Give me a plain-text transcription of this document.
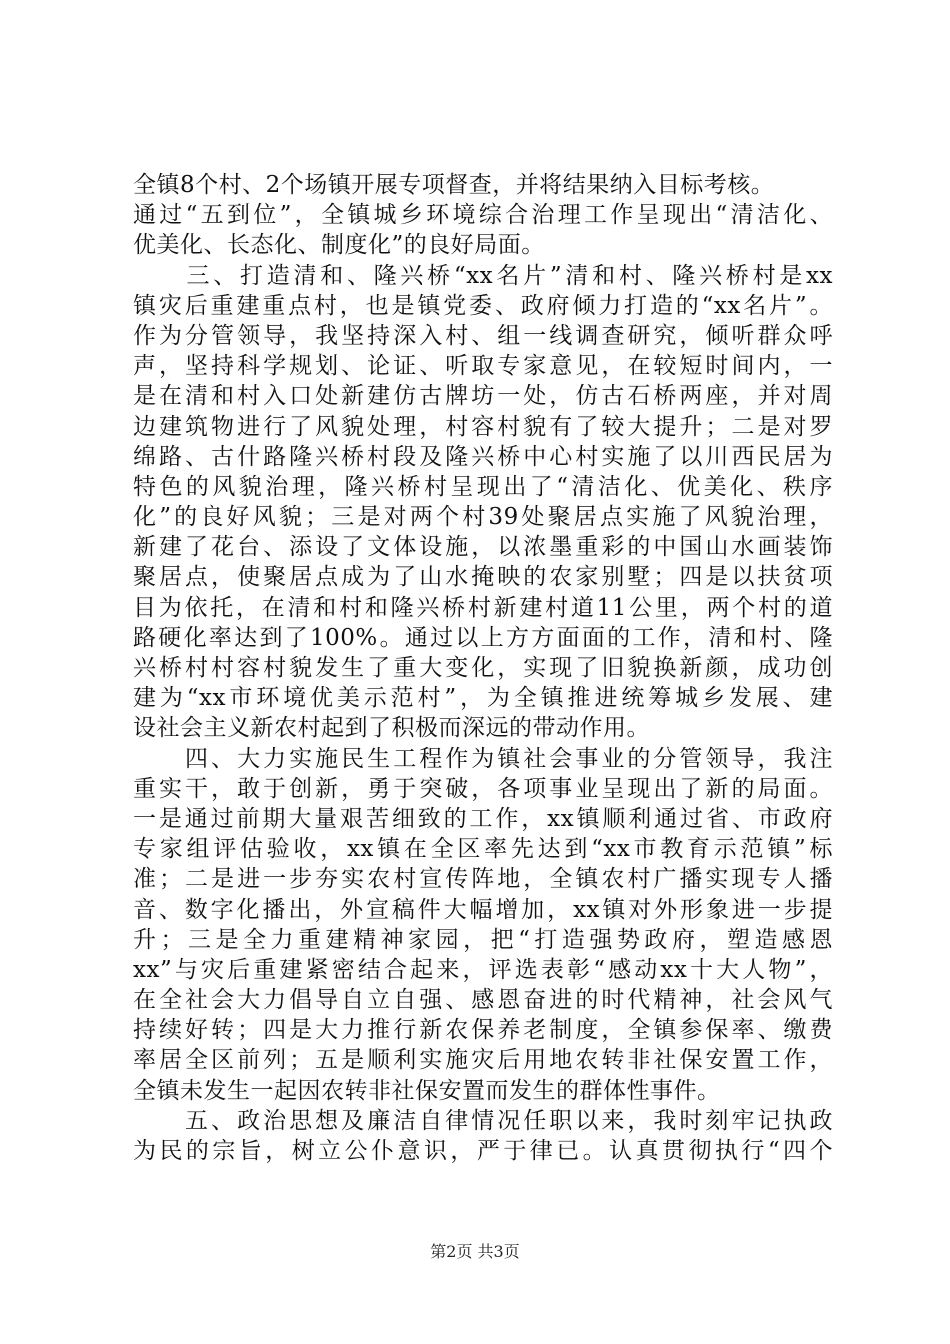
全镇8个村、2个场镇开展专项督查，并将结果纳入目标考核。
通过“五到位”，全镇城乡环境综合治理工作呈现出“清洁化、
优美化、长态化、制度化”的良好局面。
　　三、打造清和、隆兴桥“xx名片”清和村、隆兴桥村是xx
镇灾后重建重点村，也是镇党委、政府倾力打造的“xx名片”。
作为分管领导，我坚持深入村、组一线调查研究，倾听群众呼
声，坚持科学规划、论证、听取专家意见，在较短时间内，一
是在清和村入口处新建仿古牌坊一处，仿古石桥两座，并对周
边建筑物进行了风貌处理，村容村貌有了较大提升；二是对罗
绵路、古什路隆兴桥村段及隆兴桥中心村实施了以川西民居为
特色的风貌治理，隆兴桥村呈现出了“清洁化、优美化、秩序
化”的良好风貌；三是对两个村39处聚居点实施了风貌治理，
新建了花台、添设了文体设施，以浓墨重彩的中国山水画装饰
聚居点，使聚居点成为了山水掩映的农家别墅；四是以扶贫项
目为依托，在清和村和隆兴桥村新建村道11公里，两个村的道
路硬化率达到了100%。通过以上方方面面的工作，清和村、隆
兴桥村村容村貌发生了重大变化，实现了旧貌换新颜，成功创
建为“xx市环境优美示范村”，为全镇推进统筹城乡发展、建
设社会主义新农村起到了积极而深远的带动作用。
　　四、大力实施民生工程作为镇社会事业的分管领导，我注
重实干，敢于创新，勇于突破，各项事业呈现出了新的局面。
一是通过前期大量艰苦细致的工作，xx镇顺利通过省、市政府
专家组评估验收，xx镇在全区率先达到“xx市教育示范镇”标
准；二是进一步夯实农村宣传阵地，全镇农村广播实现专人播
音、数字化播出，外宣稿件大幅增加，xx镇对外形象进一步提
升；三是全力重建精神家园，把“打造强势政府，塑造感恩
xx”与灾后重建紧密结合起来，评选表彰“感动xx十大人物”，
在全社会大力倡导自立自强、感恩奋进的时代精神，社会风气
持续好转；四是大力推行新农保养老制度，全镇参保率、缴费
率居全区前列；五是顺利实施灾后用地农转非社保安置工作，
全镇未发生一起因农转非社保安置而发生的群体性事件。
　　五、政治思想及廉洁自律情况任职以来，我时刻牢记执政
为民的宗旨，树立公仆意识，严于律已。认真贯彻执行“四个
第2页 共3页
